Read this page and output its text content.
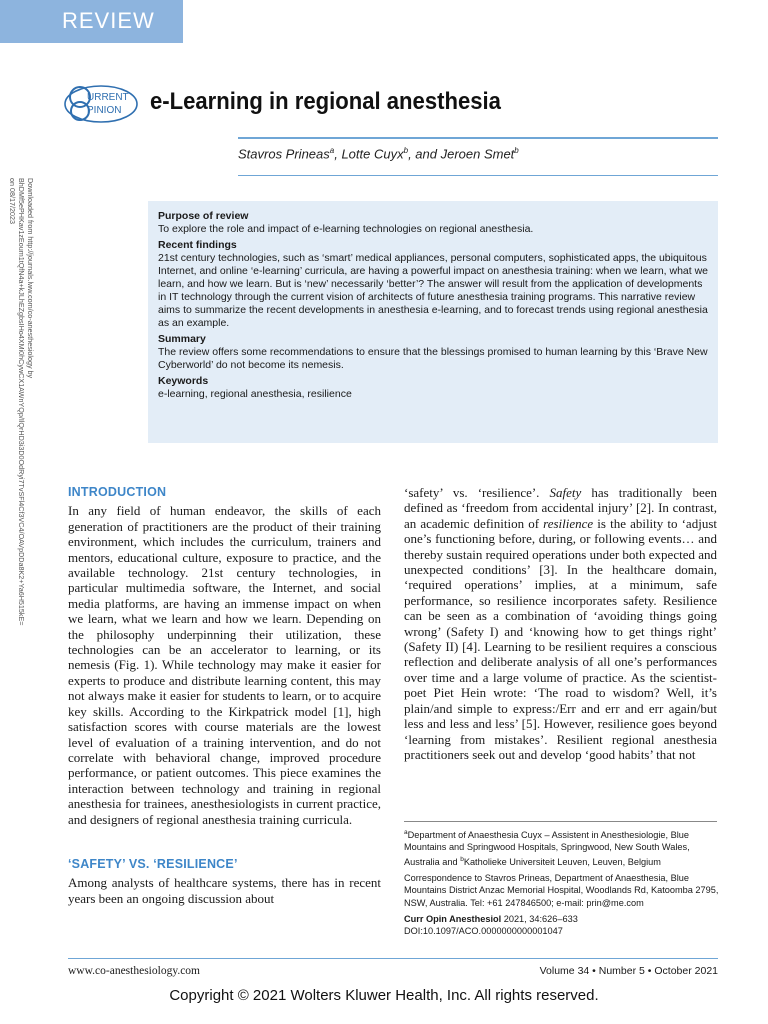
REVIEW
URRENT
PINION e-Learning in regional anesthesia
Stavros Prineas$^a$, Lotte Cuyx$^b$, and Jeroen Smet$^b$
Downloaded from http://journals.lww.com/co-anesthesiology by BhDMf5ePHKav1zEoum1tQfN4a+kJLhEZgbsIHo4XMi0hCywCX1AWnYQp/IlQrHD3i3D0OdRyi7TvSFl4Cf3VC4/OAVpDDa8K2+Ya6H515kE= on 08/17/2023	Purpose of review

To explore the role and impact of e-learning technologies on regional anesthesia.

Recent findings

21st century technologies, such as ‘smart’ medical appliances, personal computers, sophisticated apps, the ubiquitous Internet, and online ‘e-learning’ curricula, are having a powerful impact on anesthesia training: when we learn, what we learn, and how we learn. But is ‘new’ necessarily ‘better’? The answer will result from the application of developments in IT technology through the current vision of architects of future anesthesia training programs. This narrative review aims to summarize the recent developments in anesthesia e-learning, and to forecast trends using regional anesthesia as an example.

Summary

The review offers some recommendations to ensure that the blessings promised to human learning by this ‘Brave New Cyberworld’ do not become its nemesis.

Keywords

e-learning, regional anesthesia, resilience

INTRODUCTION

In any field of human endeavor, the skills of each generation of practitioners are the product of their training environment, which includes the curriculum, trainers and mentors, educational culture, exposure to practice, and the available technology. 21st century technologies, in particular multimedia software, the Internet, and social media platforms, are having an immense impact on when we learn, what we learn and how we learn. Depending on the philosophy underpinning their utilization, these technologies can be an accelerator to learning, or its nemesis (Fig. 1). While technology may make it easier for experts to produce and distribute learning content, this may not always make it easier for students to learn, or to acquire key skills. According to the Kirkpatrick model [1], high satisfaction scores with course materials are the lowest level of evaluation of a training intervention, and do not correlate with behavioral change, improved procedure performance, or patient outcomes. This piece examines the interaction between technology and training in regional anesthesia for trainees, anesthesiologists in current practice, and designers of regional anesthesia training curricula.

‘SAFETY’ VS. ‘RESILIENCE’

Among analysts of healthcare systems, there has in recent years been an ongoing discussion about

‘safety’ vs. ‘resilience’. Safety has traditionally been defined as ‘freedom from accidental injury’ [2]. In contrast, an academic definition of resilience is the ability to ‘adjust one’s functioning before, during, or following events… and thereby sustain required operations under both expected and unexpected conditions’ [3]. In the healthcare domain, ‘required operations’ implies, at a minimum, safe performance, so resilience incorporates safety. Resilience can be seen as a combination of ‘avoiding things going wrong’ (Safety I) and ‘knowing how to get things right’ (Safety II) [4]. Learning to be resilient requires a conscious reflection and deliberate analysis of all one’s performances over time and a large volume of practice. As the scientist-poet Piet Hein wrote: ‘The road to wisdom? Well, it’s plain/and simple to express:/Err and err and err again/but less and less and less’ [5]. However, resilience goes beyond ‘learning from mistakes’. Resilient regional anesthesia practitioners seek out and develop ‘good habits’ that not

$^a$Department of Anaesthesia Cuyx – Assistent in Anesthesiologie, Blue Mountains and Springwood Hospitals, Springwood, New South Wales, Australia and $^b$Katholieke Universiteit Leuven, Leuven, Belgium

Correspondence to Stavros Prineas, Department of Anaesthesia, Blue Mountains District Anzac Memorial Hospital, Woodlands Rd, Katoomba 2795, NSW, Australia. Tel: +61 247846500; e-mail: prin@me.com

Curr Opin Anesthesiol 2021, 34:626–633
DOI:10.1097/ACO.0000000000001047

www.co-anesthesiology.com	Volume 34 • Number 5 • October 2021
Copyright © 2021 Wolters Kluwer Health, Inc. All rights reserved.
